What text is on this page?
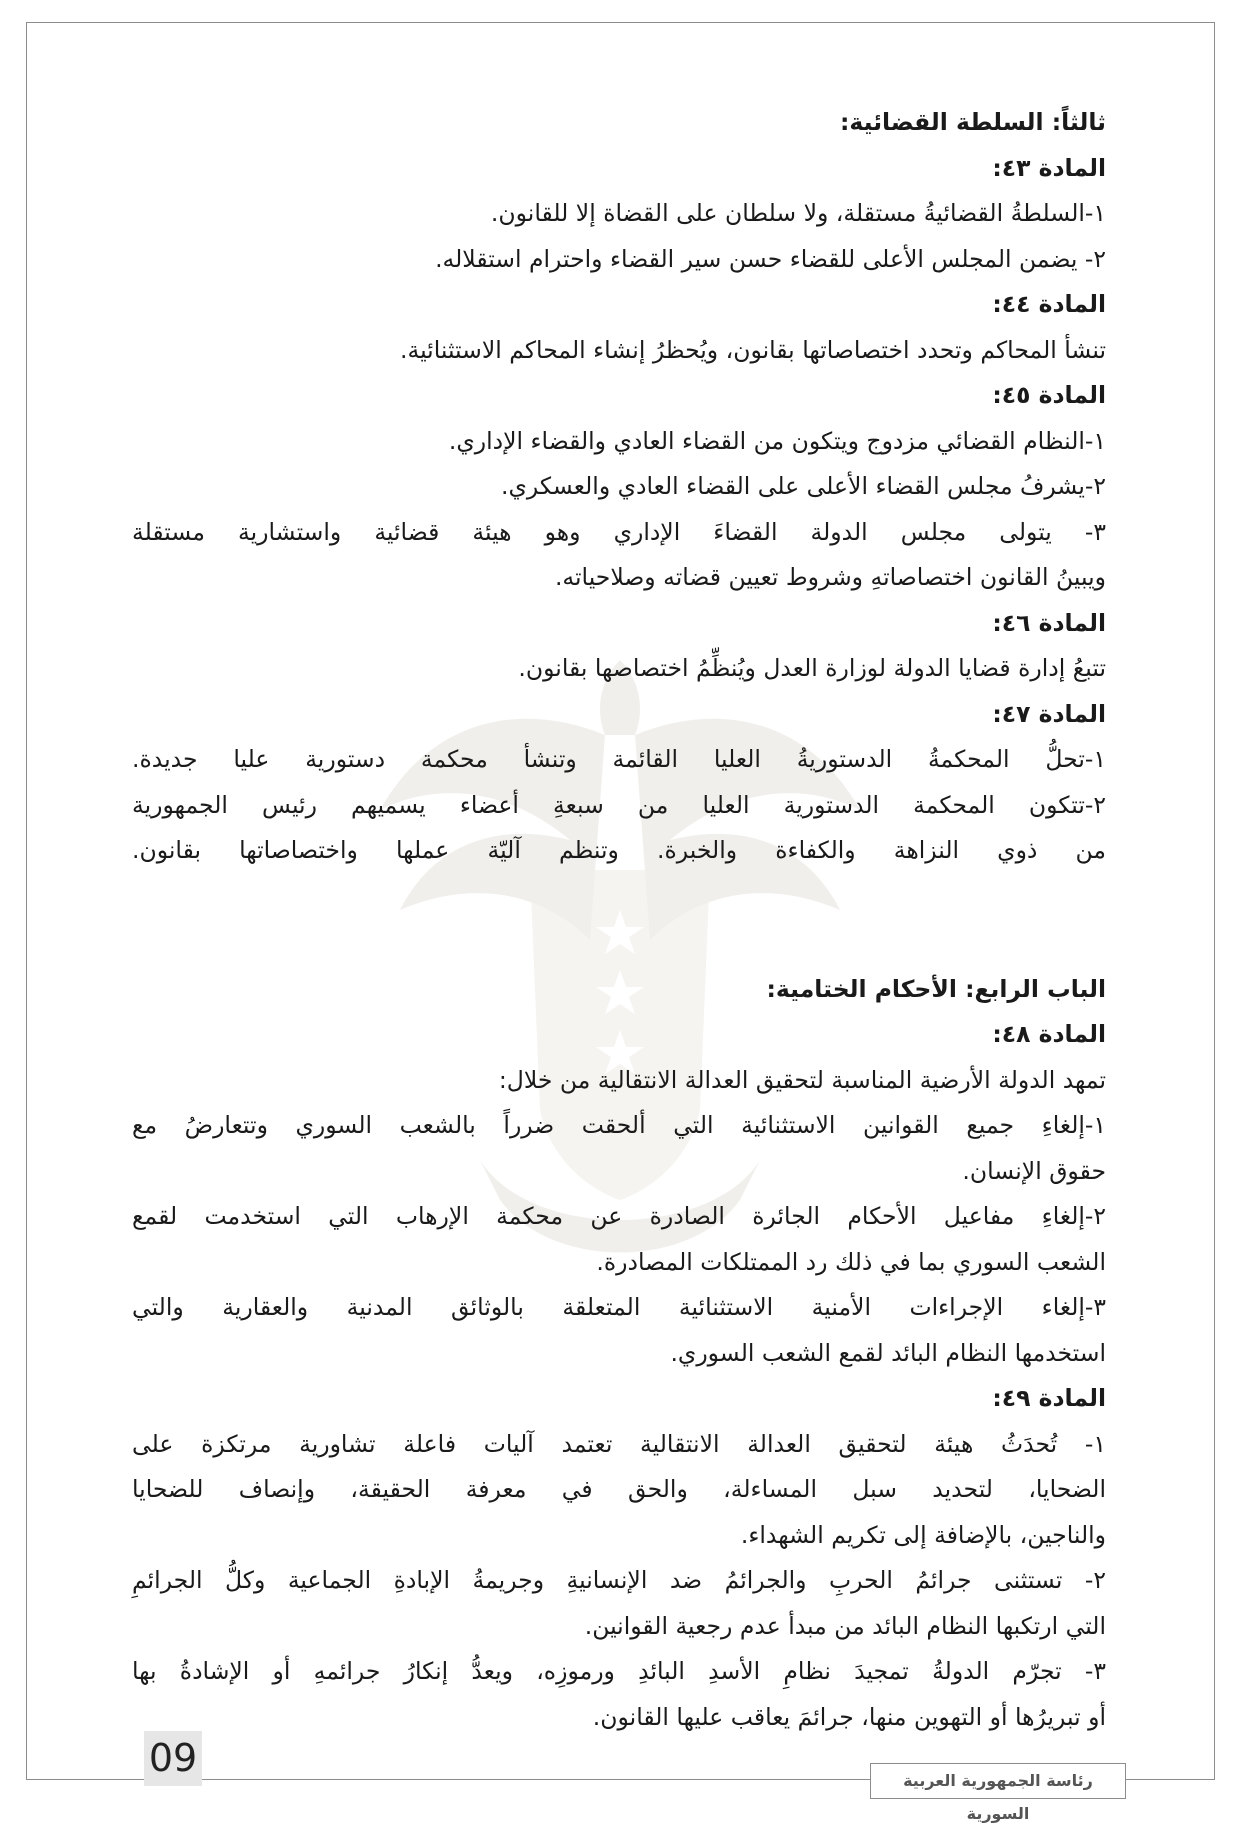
ثالثاً: السلطة القضائية:

المادة ٤٣:

١-السلطةُ القضائيةُ مستقلة، ولا سلطان على القضاة إلا للقانون.

٢- يضمن المجلس الأعلى للقضاء حسن سير القضاء واحترام استقلاله.

المادة ٤٤:

تنشأ المحاكم وتحدد اختصاصاتها بقانون، ويُحظرُ إنشاء المحاكم الاستثنائية.

المادة ٤٥:

١-النظام القضائي مزدوج ويتكون من القضاء العادي والقضاء الإداري.

٢-يشرفُ مجلس القضاء الأعلى على القضاء العادي والعسكري.

٣- يتولى مجلس الدولة القضاءَ الإداري وهو هيئة قضائية واستشارية مستقلة

ويبينُ القانون اختصاصاتهِ وشروط تعيين قضاته وصلاحياته.

المادة ٤٦:

تتبعُ إدارة قضايا الدولة لوزارة العدل ويُنظِّمُ اختصاصها بقانون.

المادة ٤٧:

١-تحلُّ المحكمةُ الدستوريةُ العليا القائمة وتنشأ محكمة دستورية عليا جديدة.

٢-تتكون المحكمة الدستورية العليا من سبعةِ أعضاء يسميهم رئيس الجمهورية

من ذوي النزاهة والكفاءة والخبرة. وتنظم آليّة عملها واختصاصاتها بقانون.

الباب الرابع: الأحكام الختامية:

المادة ٤٨:

تمهد الدولة الأرضية المناسبة لتحقيق العدالة الانتقالية من خلال:

١-إلغاءِ جميع القوانين الاستثنائية التي ألحقت ضرراً بالشعب السوري وتتعارضُ مع

حقوق الإنسان.

٢-إلغاءِ مفاعيل الأحكام الجائرة الصادرة عن محكمة الإرهاب التي استخدمت لقمع

الشعب السوري بما في ذلك رد الممتلكات المصادرة.

٣-إلغاء الإجراءات الأمنية الاستثنائية المتعلقة بالوثائق المدنية والعقارية والتي

استخدمها النظام البائد لقمع الشعب السوري.

المادة ٤٩:

١- تُحدَثُ هيئة لتحقيق العدالة الانتقالية تعتمد آليات فاعلة تشاورية مرتكزة على

الضحايا، لتحديد سبل المساءلة، والحق في معرفة الحقيقة، وإنصاف للضحايا

والناجين، بالإضافة إلى تكريم الشهداء.

٢- تستثنى جرائمُ الحربِ والجرائمُ ضد الإنسانيةِ وجريمةُ الإبادةِ الجماعية وكلُّ الجرائمِ

التي ارتكبها النظام البائد من مبدأ عدم رجعية القوانين.

٣- تجرّم الدولةُ تمجيدَ نظامِ الأسدِ البائدِ ورموزِه، ويعدُّ إنكارُ جرائمهِ أو الإشادةُ بها

أو تبريرُها أو التهوين منها، جرائمَ يعاقب عليها القانون.

09
رئاسة الجمهورية العربية السورية
